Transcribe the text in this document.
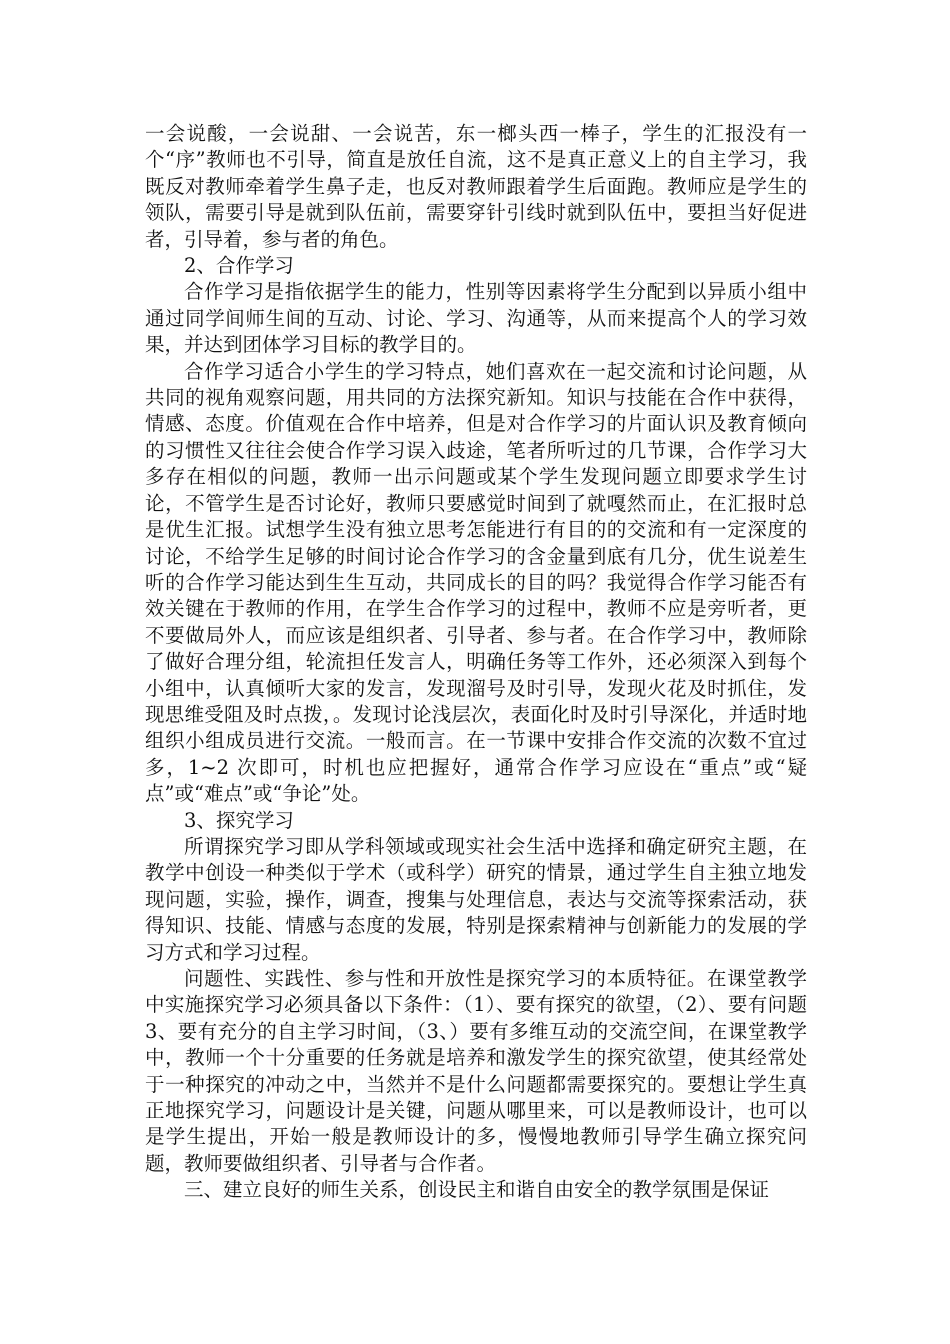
一会说酸，一会说甜、一会说苦，东一榔头西一棒子，学生的汇报没有一个“序”教师也不引导，简直是放任自流，这不是真正意义上的自主学习，我既反对教师牵着学生鼻子走，也反对教师跟着学生后面跑。教师应是学生的领队，需要引导是就到队伍前，需要穿针引线时就到队伍中，要担当好促进者，引导着，参与者的角色。

2、合作学习

合作学习是指依据学生的能力，性别等因素将学生分配到以异质小组中通过同学间师生间的互动、讨论、学习、沟通等，从而来提高个人的学习效果，并达到团体学习目标的教学目的。

合作学习适合小学生的学习特点，她们喜欢在一起交流和讨论问题，从共同的视角观察问题，用共同的方法探究新知。知识与技能在合作中获得，情感、态度。价值观在合作中培养，但是对合作学习的片面认识及教育倾向的习惯性又往往会使合作学习误入歧途，笔者所听过的几节课，合作学习大多存在相似的问题，教师一出示问题或某个学生发现问题立即要求学生讨论，不管学生是否讨论好，教师只要感觉时间到了就嘎然而止，在汇报时总是优生汇报。试想学生没有独立思考怎能进行有目的的交流和有一定深度的讨论，不给学生足够的时间讨论合作学习的含金量到底有几分，优生说差生听的合作学习能达到生生互动，共同成长的目的吗？我觉得合作学习能否有效关键在于教师的作用，在学生合作学习的过程中，教师不应是旁听者，更不要做局外人，而应该是组织者、引导者、参与者。在合作学习中，教师除了做好合理分组，轮流担任发言人，明确任务等工作外，还必须深入到每个小组中，认真倾听大家的发言，发现溜号及时引导，发现火花及时抓住，发现思维受阻及时点拨，。发现讨论浅层次，表面化时及时引导深化，并适时地组织小组成员进行交流。一般而言。在一节课中安排合作交流的次数不宜过多，1~2 次即可，时机也应把握好，通常合作学习应设在“重点”或“疑点”或“难点”或“争论”处。

3、探究学习

所谓探究学习即从学科领域或现实社会生活中选择和确定研究主题，在教学中创设一种类似于学术（或科学）研究的情景，通过学生自主独立地发现问题，实验，操作，调查，搜集与处理信息，表达与交流等探索活动，获得知识、技能、情感与态度的发展，特别是探索精神与创新能力的发展的学习方式和学习过程。

问题性、实践性、参与性和开放性是探究学习的本质特征。在课堂教学中实施探究学习必须具备以下条件：（1）、要有探究的欲望，（2）、要有问题 3、要有充分的自主学习时间，（3、）要有多维互动的交流空间，在课堂教学中，教师一个十分重要的任务就是培养和激发学生的探究欲望，使其经常处于一种探究的冲动之中，当然并不是什么问题都需要探究的。要想让学生真正地探究学习，问题设计是关键，问题从哪里来，可以是教师设计，也可以是学生提出，开始一般是教师设计的多，慢慢地教师引导学生确立探究问题，教师要做组织者、引导者与合作者。

三、建立良好的师生关系，创设民主和谐自由安全的教学氛围是保证
